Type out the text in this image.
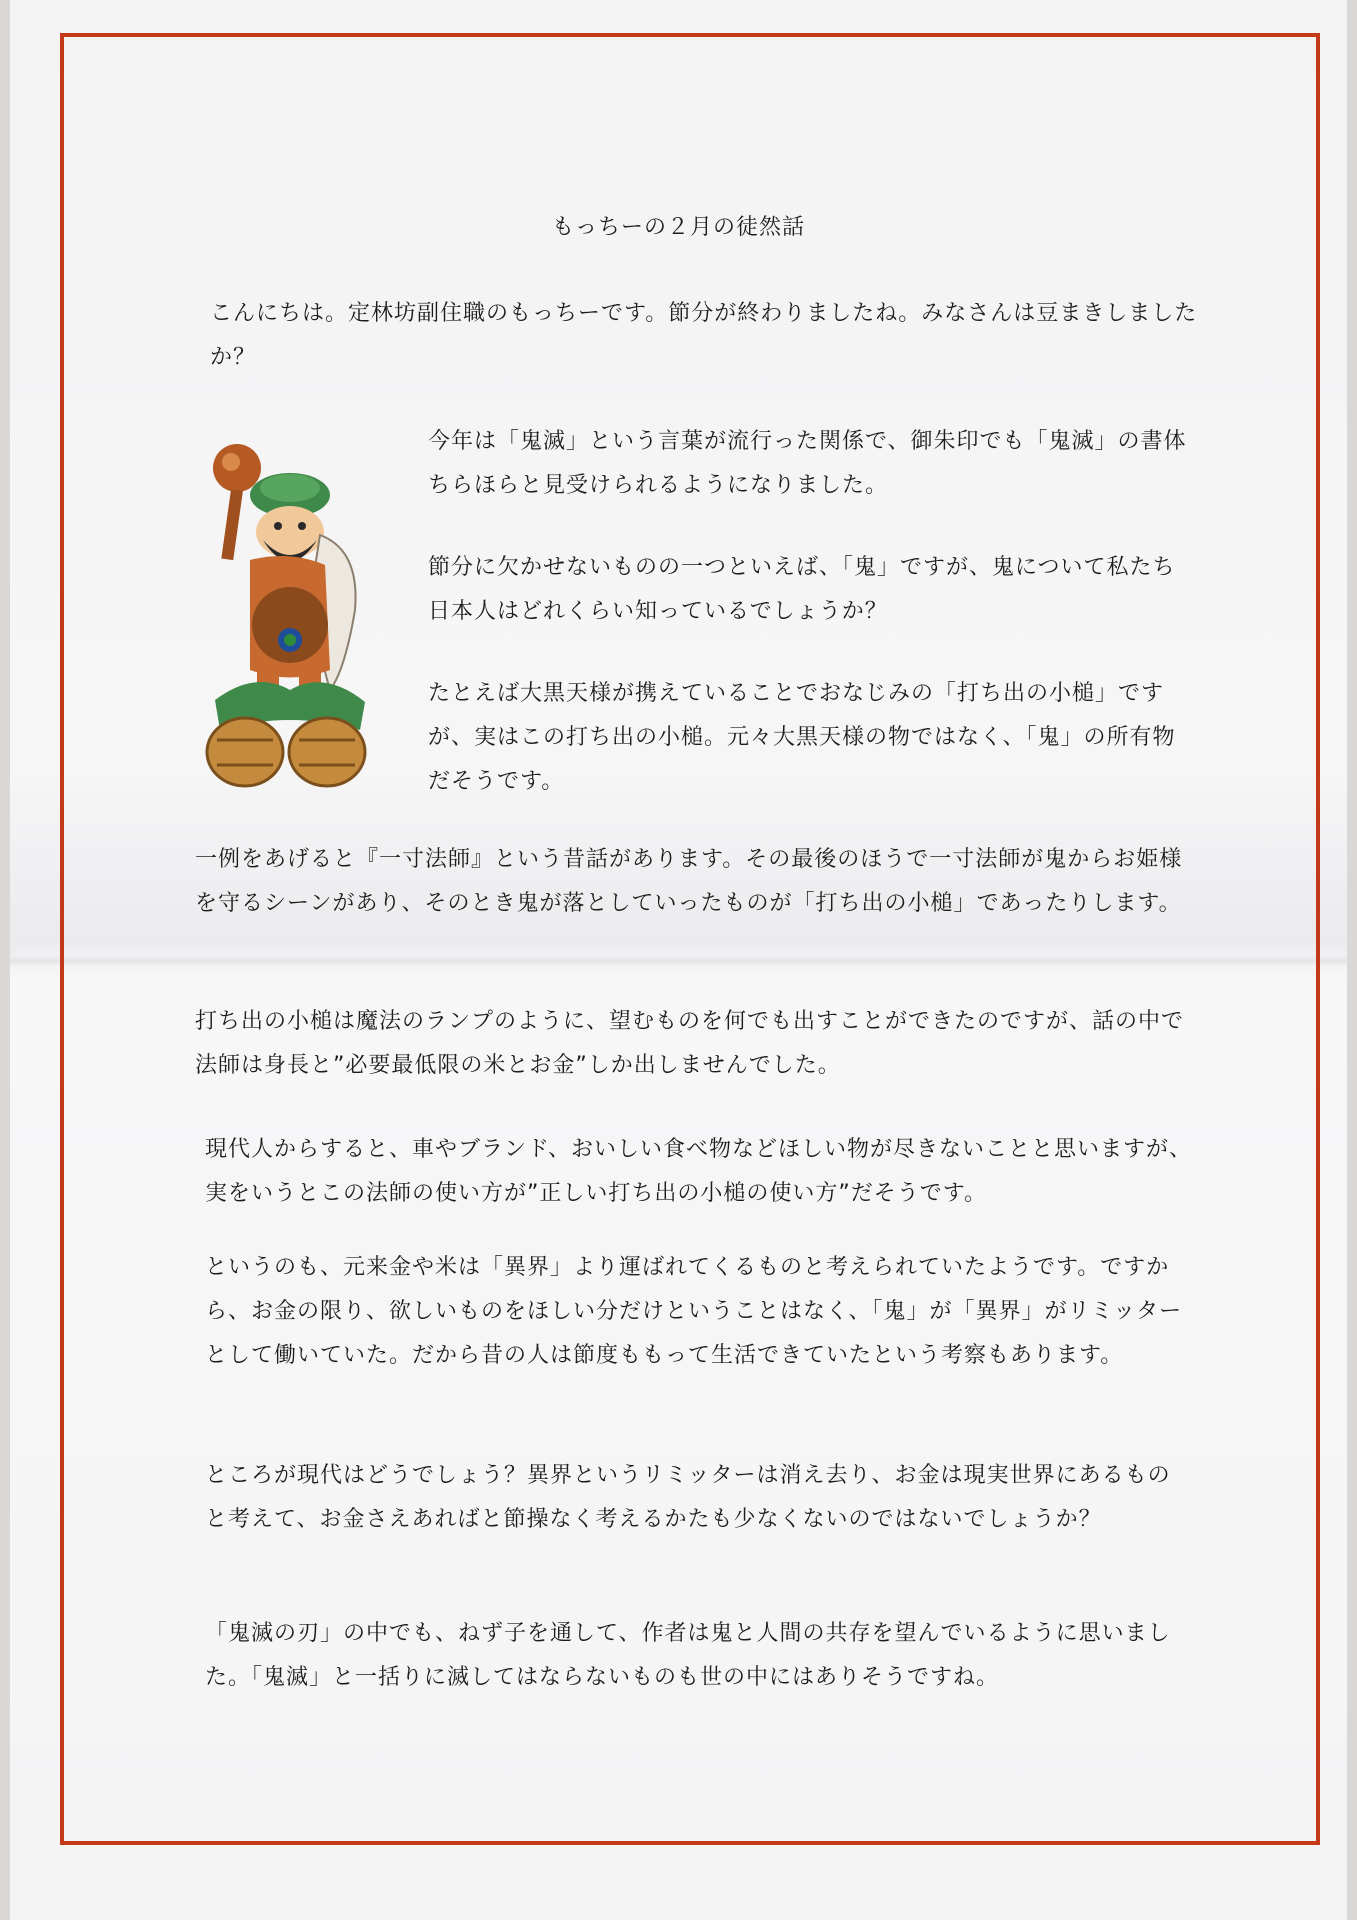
もっちーの２月の徒然話

こんにちは。定林坊副住職のもっちーです。節分が終わりましたね。みなさんは豆まきしましたか？

今年は「鬼滅」という言葉が流行った関係で、御朱印でも「鬼滅」の書体ちらほらと見受けられるようになりました。

節分に欠かせないものの一つといえば、「鬼」ですが、鬼について私たち日本人はどれくらい知っているでしょうか？

たとえば大黒天様が携えていることでおなじみの「打ち出の小槌」ですが、実はこの打ち出の小槌。元々大黒天様の物ではなく、「鬼」の所有物だそうです。

一例をあげると『一寸法師』という昔話があります。その最後のほうで一寸法師が鬼からお姫様を守るシーンがあり、そのとき鬼が落としていったものが「打ち出の小槌」であったりします。

打ち出の小槌は魔法のランプのように、望むものを何でも出すことができたのですが、話の中で法師は身長と”必要最低限の米とお金”しか出しませんでした。

現代人からすると、車やブランド、おいしい食べ物などほしい物が尽きないことと思いますが、実をいうとこの法師の使い方が”正しい打ち出の小槌の使い方”だそうです。

というのも、元来金や米は「異界」より運ばれてくるものと考えられていたようです。ですから、お金の限り、欲しいものをほしい分だけということはなく、「鬼」が「異界」がリミッターとして働いていた。だから昔の人は節度ももって生活できていたという考察もあります。

ところが現代はどうでしょう？異界というリミッターは消え去り、お金は現実世界にあるものと考えて、お金さえあればと節操なく考えるかたも少なくないのではないでしょうか？

「鬼滅の刃」の中でも、ねず子を通して、作者は鬼と人間の共存を望んでいるように思いました。「鬼滅」と一括りに滅してはならないものも世の中にはありそうですね。
